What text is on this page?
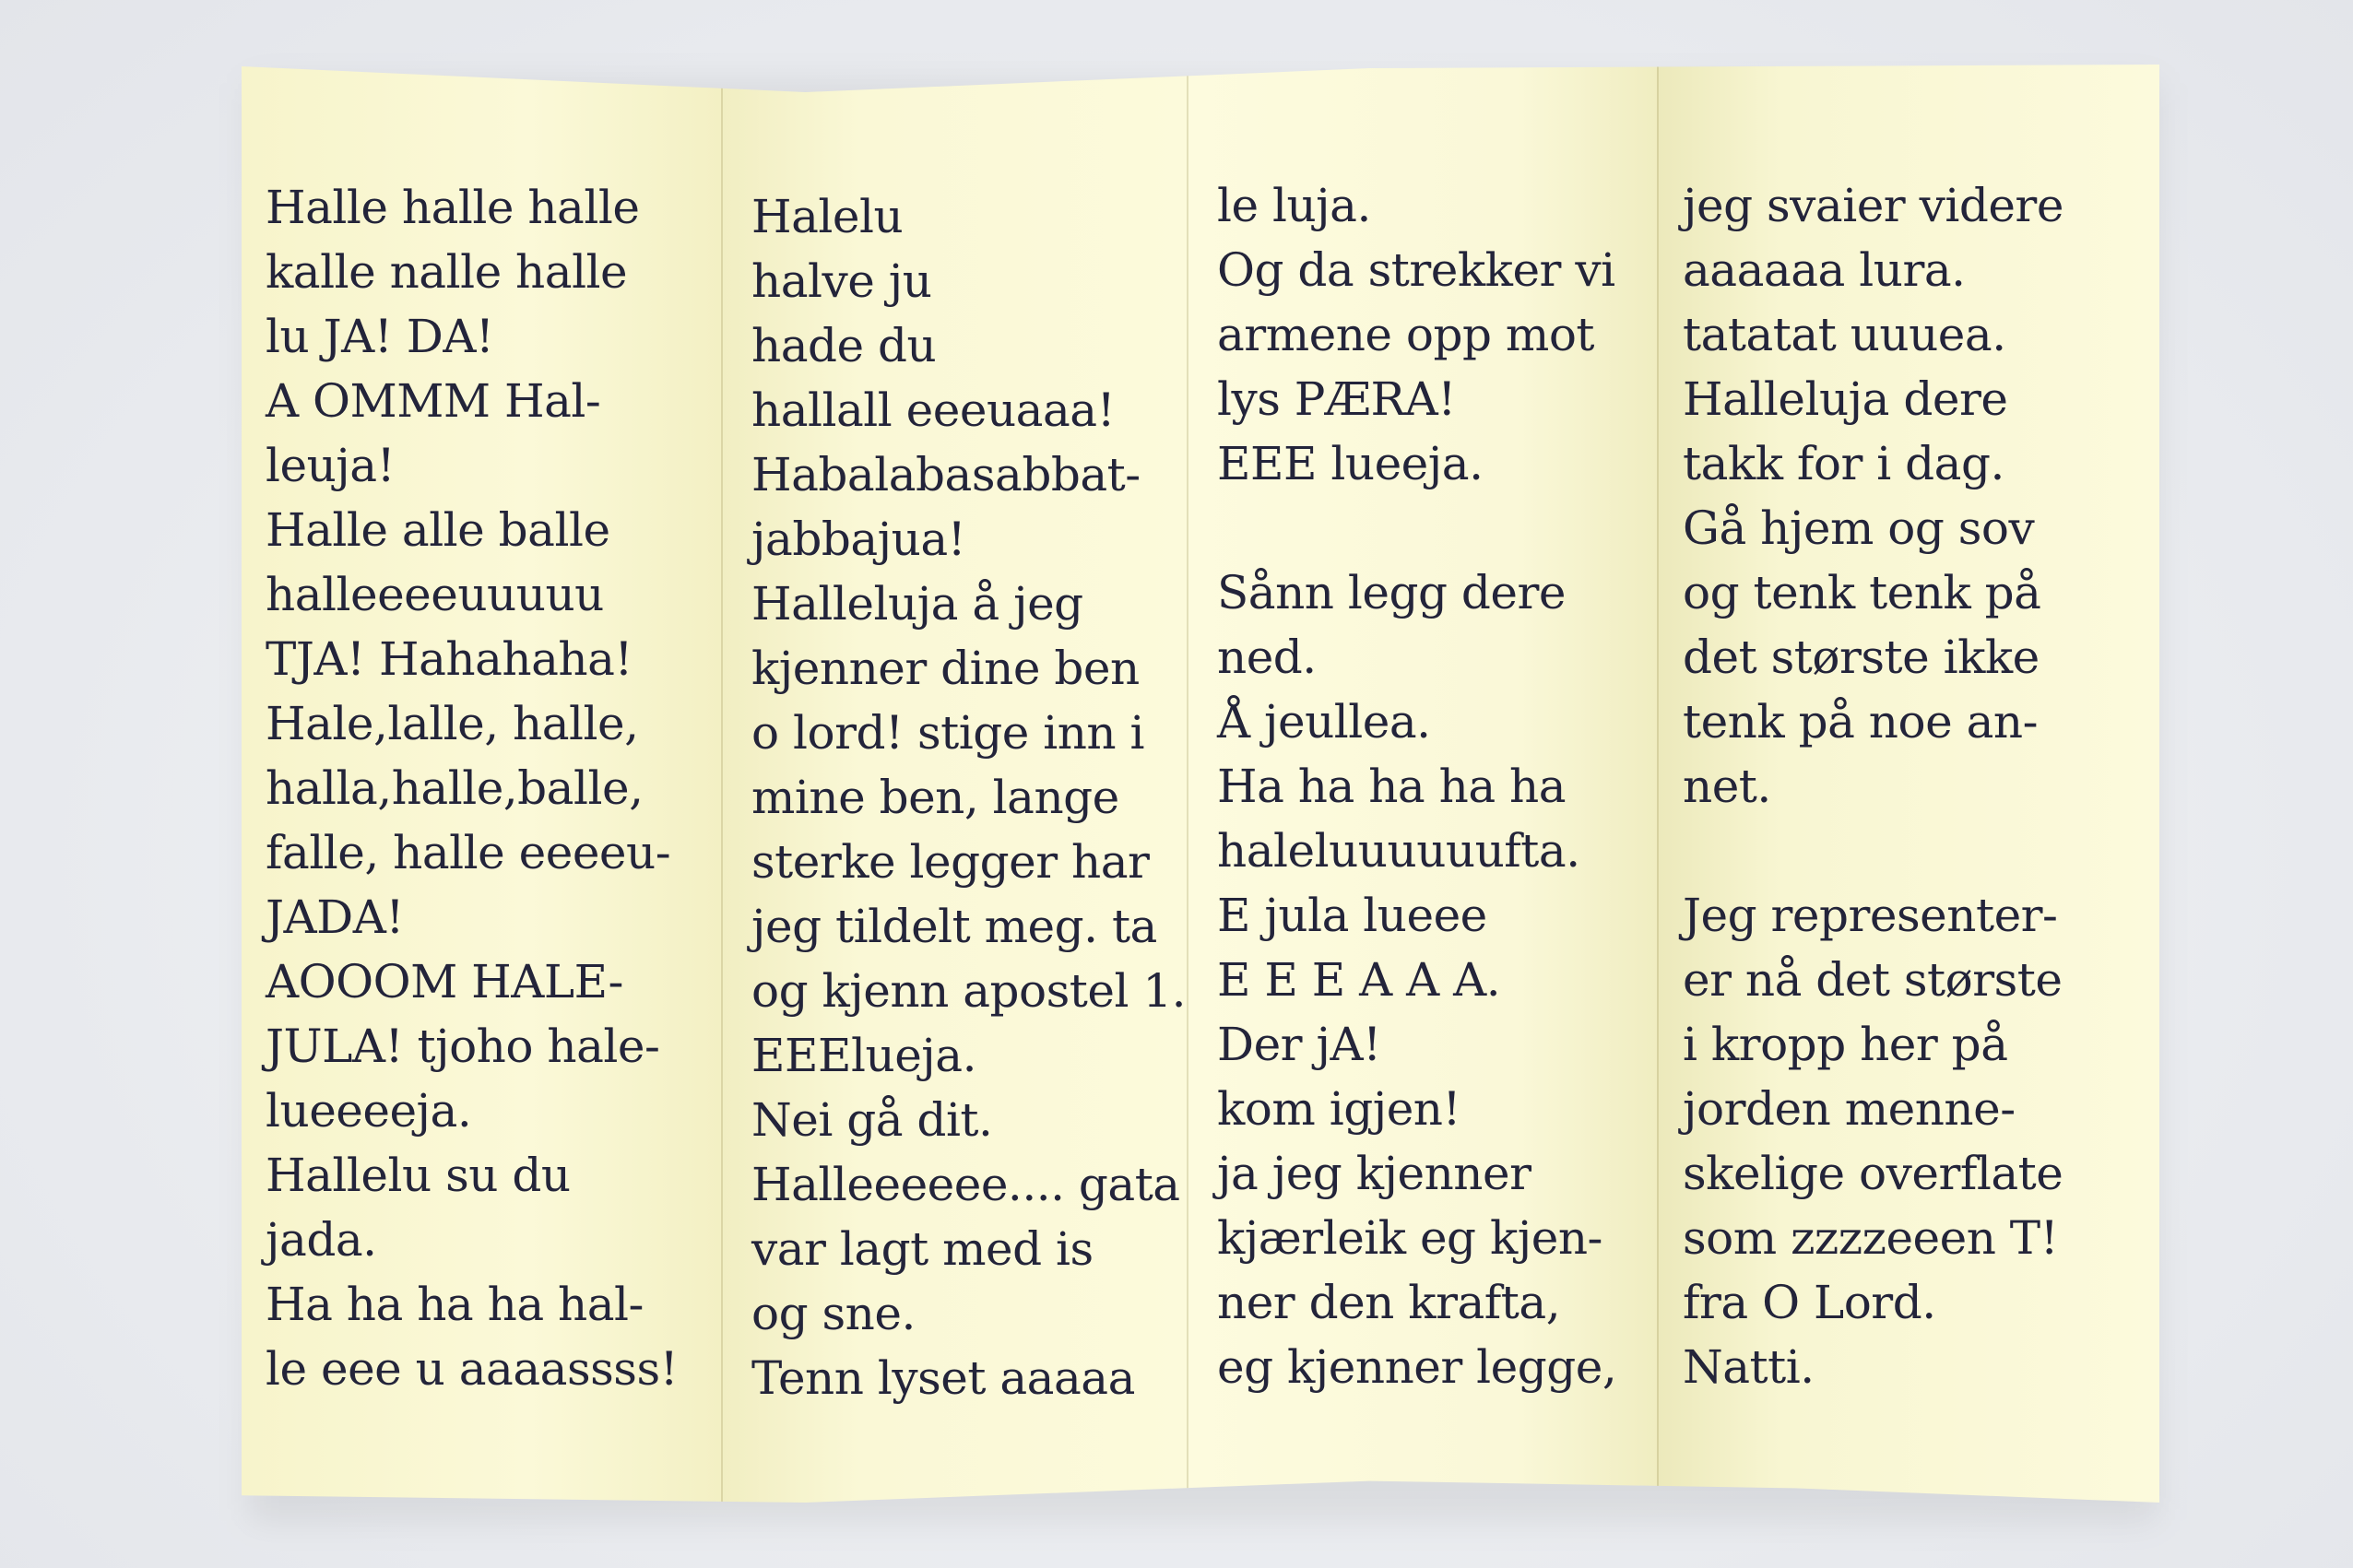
Halle halle halle
kalle nalle halle
lu JA! DA!
A OMMM Hal-
leuja!
Halle alle balle
halleeeeuuuuu
TJA! Hahahaha!
Hale,lalle, halle,
halla,halle,balle,
falle, halle eeeeu-
JADA!
AOOOM HALE-
JULA! tjoho hale-
lueeeeja.
Hallelu su du
jada.
Ha ha ha ha hal-
le eee u aaaassss!
Halelu
halve ju
hade du
hallall eeeuaaa!
Habalabasabbat-
jabbajua!
Halleluja å jeg
kjenner dine ben
o lord! stige inn i
mine ben, lange
sterke legger har
jeg tildelt meg. ta
og kjenn apostel 1.
EEElueja.
Nei gå dit.
Halleeeeee.... gata
var lagt med is
og sne.
Tenn lyset aaaaa
le luja.
Og da strekker vi
armene opp mot
lys PÆRA!
EEE lueeja.
Sånn legg dere
ned.
Å jeullea.
Ha ha ha ha ha
haleluuuuuufta.
E jula lueee
E E E A A A.
Der jA!
kom igjen!
ja jeg kjenner
kjærleik eg kjen-
ner den krafta,
eg kjenner legge,
jeg svaier videre
aaaaaa lura.
tatatat uuuea.
Halleluja dere
takk for i dag.
Gå hjem og sov
og tenk tenk på
det største ikke
tenk på noe an-
net.
Jeg representer-
er nå det største
i kropp her på
jorden menne-
skelige overflate
som zzzzeeen T!
fra O Lord.
Natti.
